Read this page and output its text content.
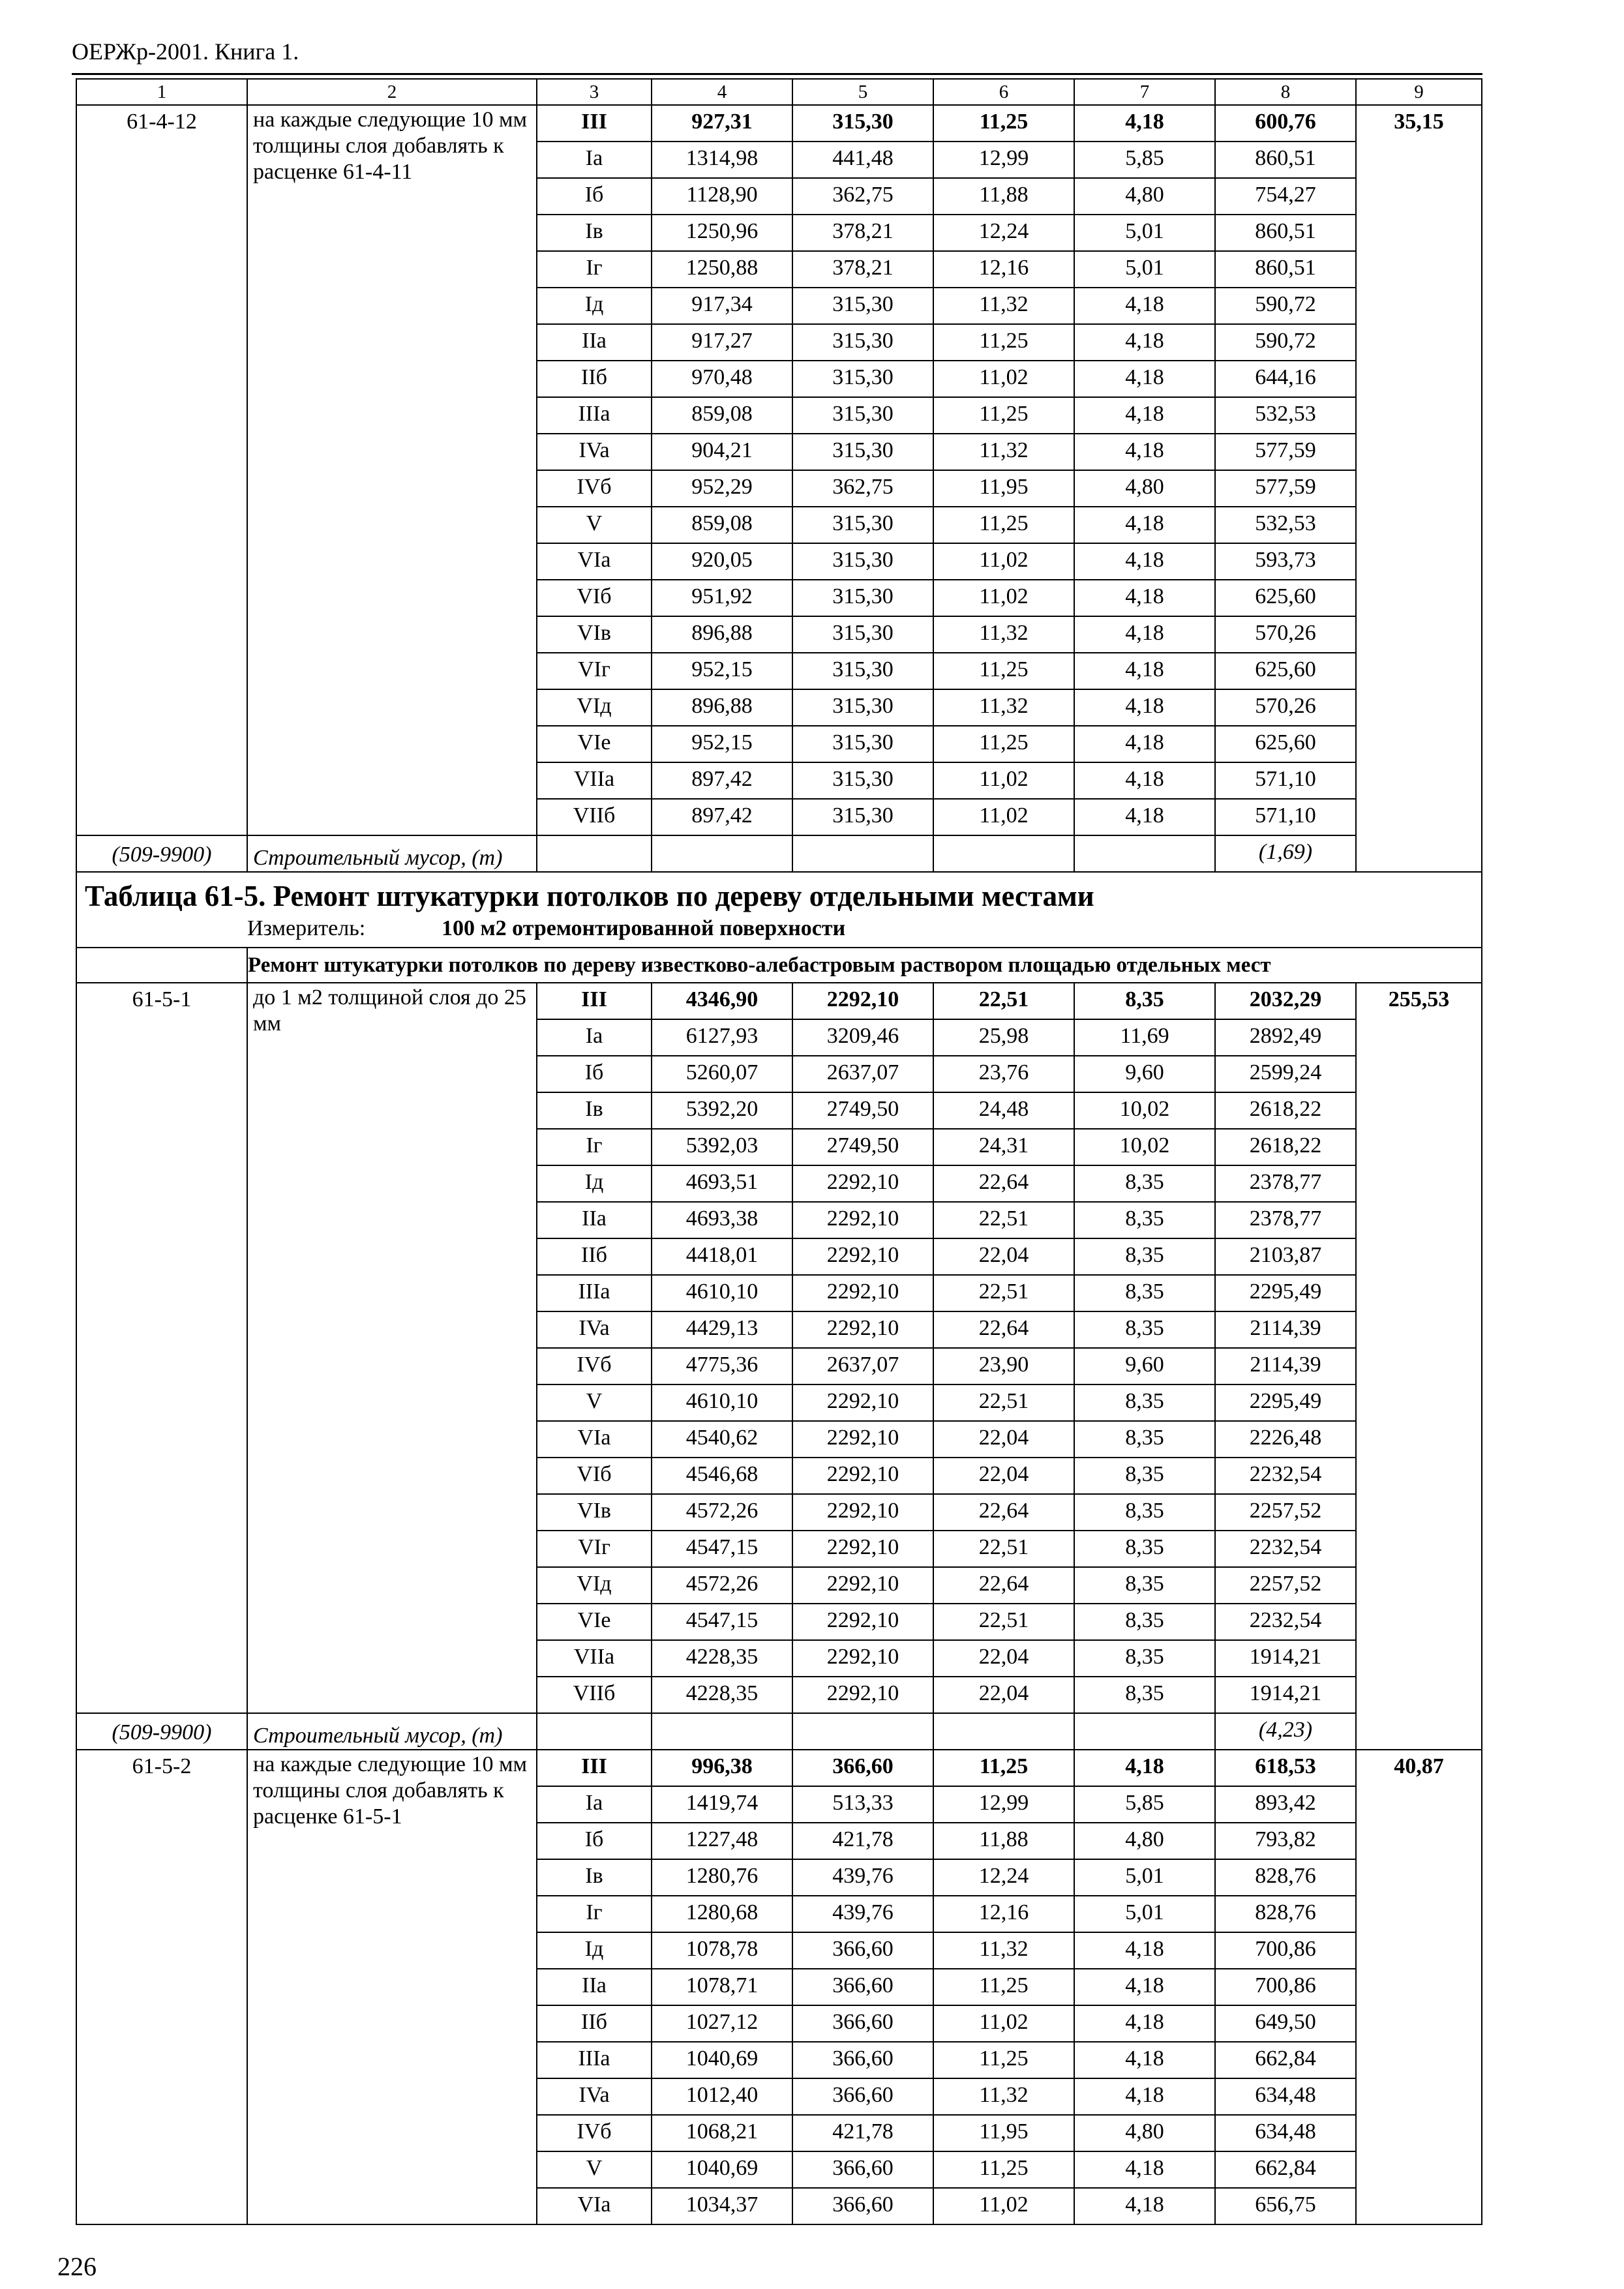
ОЕРЖр-2001. Книга 1.
1	2	3	4	5	6	7	8	9
61-4-12	на каждые следующие 10 мм толщины слоя добавлять к расценке 61-4-11	III	927,31	315,30	11,25	4,18	600,76	35,15
		Ia	1314,98	441,48	12,99	5,85	860,51	
		Iб	1128,90	362,75	11,88	4,80	754,27	
		Iв	1250,96	378,21	12,24	5,01	860,51	
		Iг	1250,88	378,21	12,16	5,01	860,51	
		Iд	917,34	315,30	11,32	4,18	590,72	
		IIa	917,27	315,30	11,25	4,18	590,72	
		IIб	970,48	315,30	11,02	4,18	644,16	
		IIIa	859,08	315,30	11,25	4,18	532,53	
		IVa	904,21	315,30	11,32	4,18	577,59	
		IVб	952,29	362,75	11,95	4,80	577,59	
		V	859,08	315,30	11,25	4,18	532,53	
		VIa	920,05	315,30	11,02	4,18	593,73	
		VIб	951,92	315,30	11,02	4,18	625,60	
		VIв	896,88	315,30	11,32	4,18	570,26	
		VIг	952,15	315,30	11,25	4,18	625,60	
		VIд	896,88	315,30	11,32	4,18	570,26	
		VIe	952,15	315,30	11,25	4,18	625,60	
		VIIa	897,42	315,30	11,02	4,18	571,10	
		VIIб	897,42	315,30	11,02	4,18	571,10	
(509-9900)	Строительный мусор, (т)						(1,69)	
Таблица 61-5. Ремонт штукатурки потолков по дереву отдельными местами								
	Измеритель: 100 м2 отремонтированной поверхности							
	Ремонт штукатурки потолков по дереву известково-алебастровым раствором площадью отдельных мест							
61-5-1	до 1 м2 толщиной слоя до 25 мм	III	4346,90	2292,10	22,51	8,35	2032,29	255,53
		Ia	6127,93	3209,46	25,98	11,69	2892,49	
		Iб	5260,07	2637,07	23,76	9,60	2599,24	
		Iв	5392,20	2749,50	24,48	10,02	2618,22	
		Iг	5392,03	2749,50	24,31	10,02	2618,22	
		Iд	4693,51	2292,10	22,64	8,35	2378,77	
		IIa	4693,38	2292,10	22,51	8,35	2378,77	
		IIб	4418,01	2292,10	22,04	8,35	2103,87	
		IIIa	4610,10	2292,10	22,51	8,35	2295,49	
		IVa	4429,13	2292,10	22,64	8,35	2114,39	
		IVб	4775,36	2637,07	23,90	9,60	2114,39	
		V	4610,10	2292,10	22,51	8,35	2295,49	
		VIa	4540,62	2292,10	22,04	8,35	2226,48	
		VIб	4546,68	2292,10	22,04	8,35	2232,54	
		VIв	4572,26	2292,10	22,64	8,35	2257,52	
		VIг	4547,15	2292,10	22,51	8,35	2232,54	
		VIд	4572,26	2292,10	22,64	8,35	2257,52	
		VIe	4547,15	2292,10	22,51	8,35	2232,54	
		VIIa	4228,35	2292,10	22,04	8,35	1914,21	
		VIIб	4228,35	2292,10	22,04	8,35	1914,21	
(509-9900)	Строительный мусор, (т)						(4,23)	
61-5-2	на каждые следующие 10 мм толщины слоя добавлять к расценке 61-5-1	III	996,38	366,60	11,25	4,18	618,53	40,87
		Ia	1419,74	513,33	12,99	5,85	893,42	
		Iб	1227,48	421,78	11,88	4,80	793,82	
		Iв	1280,76	439,76	12,24	5,01	828,76	
		Iг	1280,68	439,76	12,16	5,01	828,76	
		Iд	1078,78	366,60	11,32	4,18	700,86	
		IIa	1078,71	366,60	11,25	4,18	700,86	
		IIб	1027,12	366,60	11,02	4,18	649,50	
		IIIa	1040,69	366,60	11,25	4,18	662,84	
		IVa	1012,40	366,60	11,32	4,18	634,48	
		IVб	1068,21	421,78	11,95	4,80	634,48	
		V	1040,69	366,60	11,25	4,18	662,84	
		VIa	1034,37	366,60	11,02	4,18	656,75	
226
